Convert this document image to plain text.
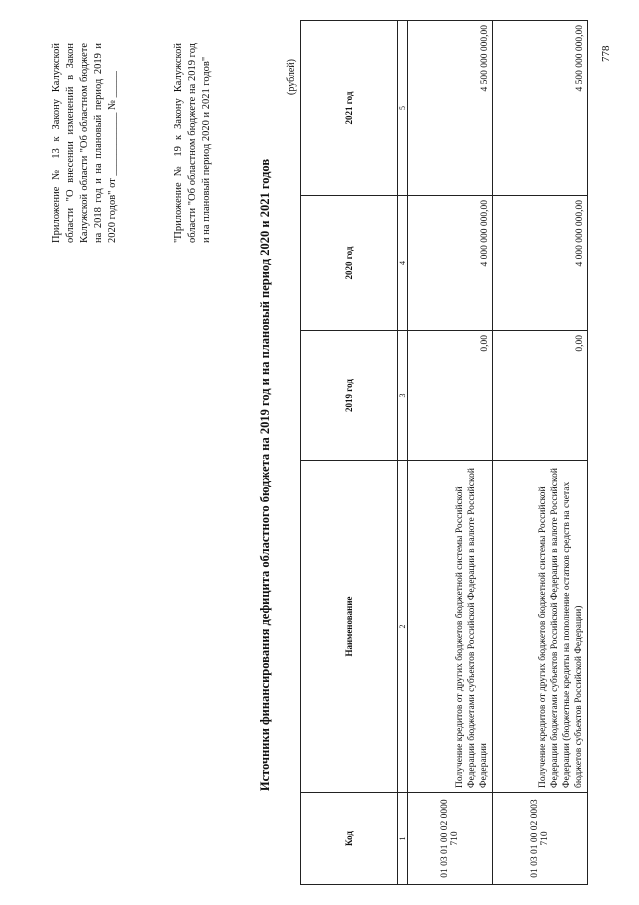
Приложение № 13 к Закону Калужской области "О внесении изменений в Закон Калужской области "Об областном бюджете на 2018 год и на плановый период 2019 и 2020 годов" от ____________ № _____	"Приложение № 19 к Закону Калужской области "Об областном бюджете на 2019 год и на плановый период 2020 и 2021 годов"
Источники финансирования дефицита областного бюджета на 2019 год и на плановый период 2020 и 2021 годов
(рублей)
Код	Наименование	2019 год	2020 год	2021 год
1	2	3	4	5
01 03 01 00 02 0000 710	Получение кредитов от других бюджетов бюджетной системы Российской Федерации бюджетами субъектов Российской Федерации в валюте Российской Федерации	0,00	4 000 000 000,00	4 500 000 000,00
01 03 01 00 02 0003 710	Получение кредитов от других бюджетов бюджетной системы Российской Федерации бюджетами субъектов Российской Федерации в валюте Российской Федерации (бюджетные кредиты на пополнение остатков средств на счетах бюджетов субъектов Российской Федерации)	0,00	4 000 000 000,00	4 500 000 000,00 778
